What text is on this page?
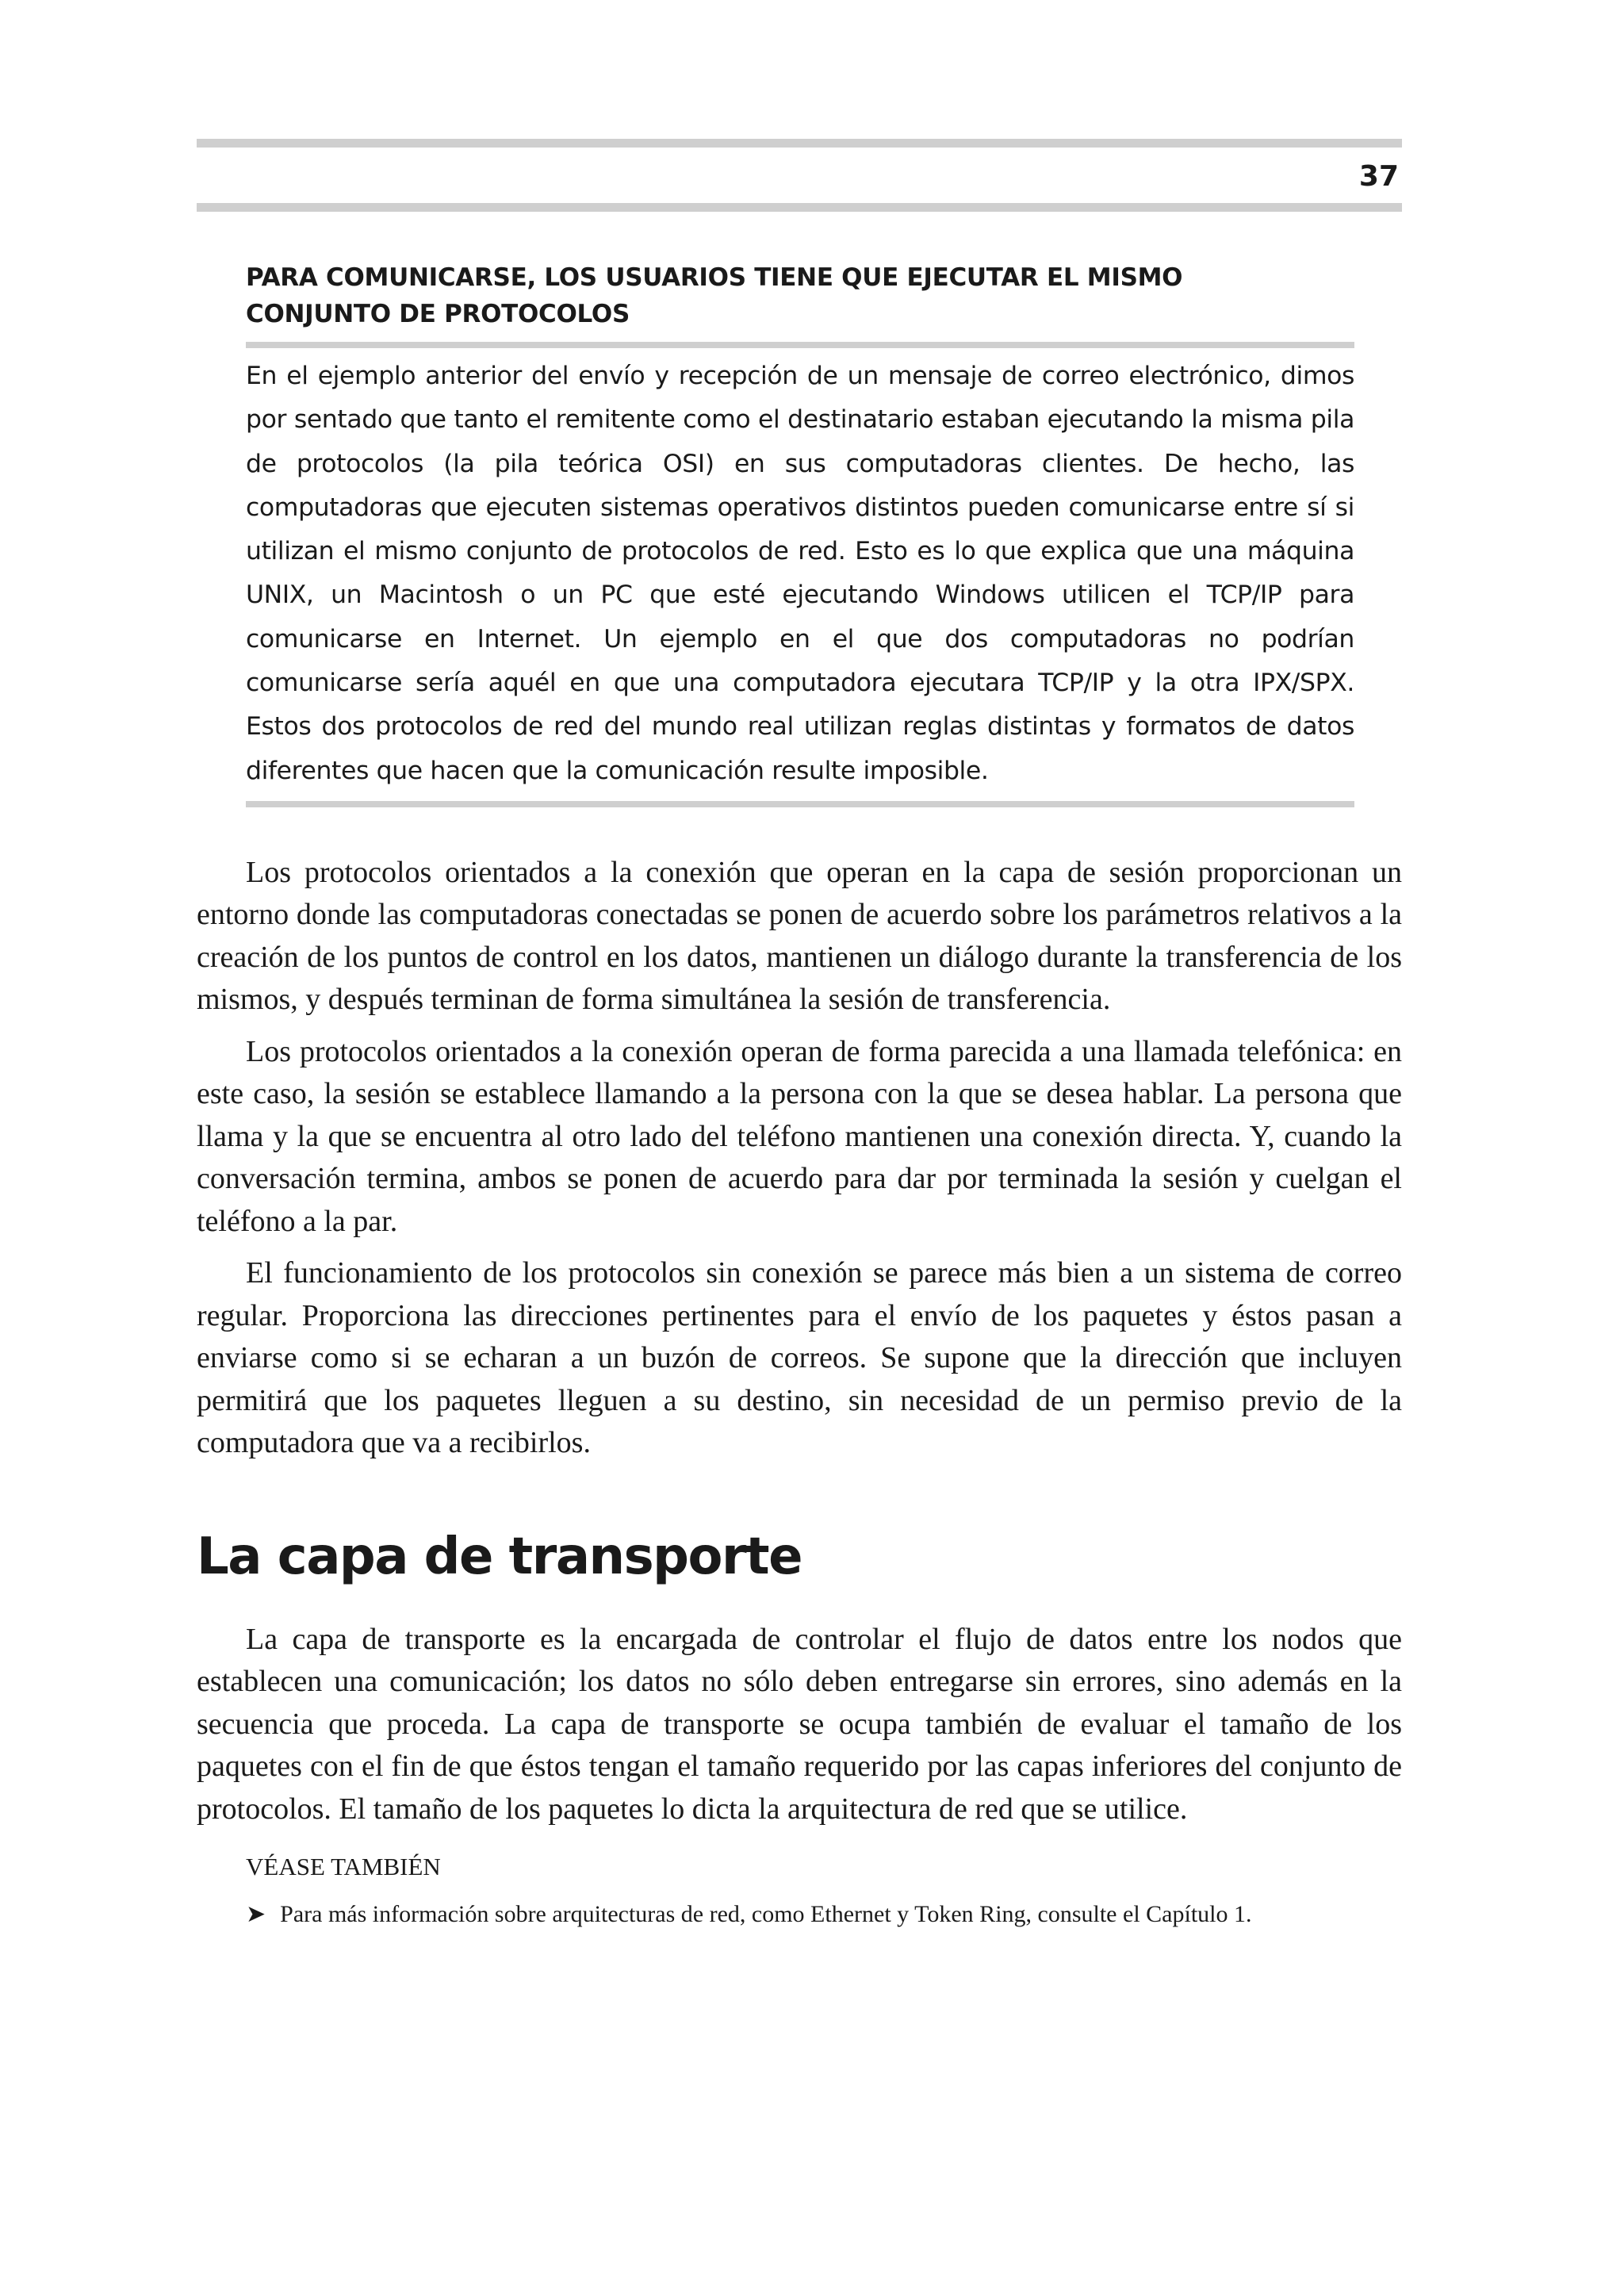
37
PARA COMUNICARSE, LOS USUARIOS TIENE QUE EJECUTAR EL MISMO
CONJUNTO DE PROTOCOLOS

En el ejemplo anterior del envío y recepción de un mensaje de correo electrónico, dimos por sentado que tanto el remitente como el destinatario estaban ejecutando la misma pila de protocolos (la pila teórica OSI) en sus computadoras clientes. De hecho, las computadoras que ejecuten sistemas operativos distintos pueden comunicarse entre sí si utilizan el mismo conjunto de protocolos de red. Esto es lo que explica que una máquina UNIX, un Macintosh o un PC que esté ejecutando Windows utilicen el TCP/IP para comunicarse en Internet. Un ejemplo en el que dos computadoras no podrían comunicarse sería aquél en que una computadora ejecutara TCP/IP y la otra IPX/SPX. Estos dos protocolos de red del mundo real utilizan reglas distintas y formatos de datos diferentes que hacen que la comunicación resulte imposible.

Los protocolos orientados a la conexión que operan en la capa de sesión proporcionan un entorno donde las computadoras conectadas se ponen de acuerdo sobre los parámetros relativos a la creación de los puntos de control en los datos, mantienen un diálogo durante la transferencia de los mismos, y después terminan de forma simultánea la sesión de transferencia.

Los protocolos orientados a la conexión operan de forma parecida a una llamada telefónica: en este caso, la sesión se establece llamando a la persona con la que se desea hablar. La persona que llama y la que se encuentra al otro lado del teléfono mantienen una conexión directa. Y, cuando la conversación termina, ambos se ponen de acuerdo para dar por terminada la sesión y cuelgan el teléfono a la par.

El funcionamiento de los protocolos sin conexión se parece más bien a un sistema de correo regular. Proporciona las direcciones pertinentes para el envío de los paquetes y éstos pasan a enviarse como si se echaran a un buzón de correos. Se supone que la dirección que incluyen permitirá que los paquetes lleguen a su destino, sin necesidad de un permiso previo de la computadora que va a recibirlos.

La capa de transporte

La capa de transporte es la encargada de controlar el flujo de datos entre los nodos que establecen una comunicación; los datos no sólo deben entregarse sin errores, sino además en la secuencia que proceda. La capa de transporte se ocupa también de evaluar el tamaño de los paquetes con el fin de que éstos tengan el tamaño requerido por las capas inferiores del conjunto de protocolos. El tamaño de los paquetes lo dicta la arquitectura de red que se utilice.

VÉASE TAMBIÉN
➤ Para más información sobre arquitecturas de red, como Ethernet y Token Ring, consulte el Capítulo 1.
